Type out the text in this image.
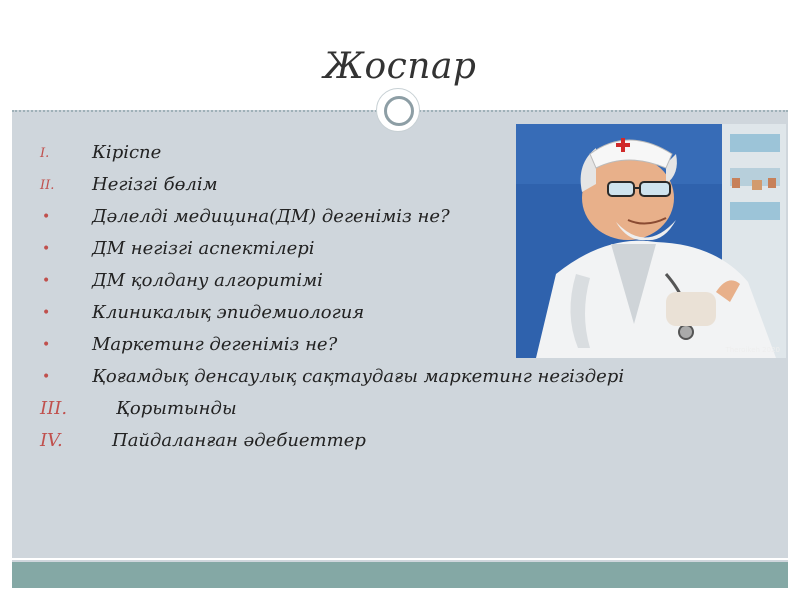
Жоспар
I. Кіріспе
II. Негізгі бөлім
• Дәлелді медицина(ДМ) дегеніміз не?
• ДМ негізгі аспектілері
• ДМ қолдану алгоритімі
• Клиникалық эпидемиология
• Маркетинг дегеніміз не?
• Қоғамдық денсаулық сақтаудағы маркетинг негіздері
III.	Қорытынды
IV.	Пайдаланған әдебиеттер
Theroikeh 2020
